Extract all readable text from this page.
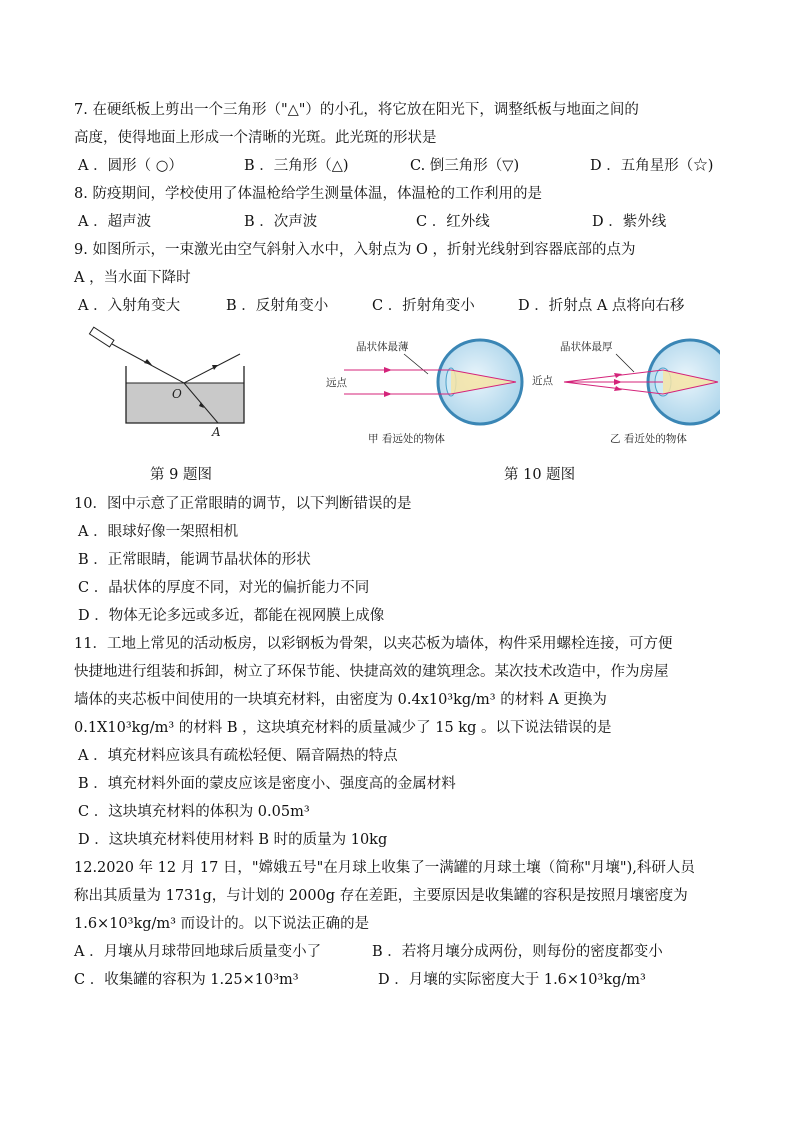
7. 在硬纸板上剪出一个三角形（"△"）的小孔，将它放在阳光下，调整纸板与地面之间的
高度，使得地面上形成一个清晰的光斑。此光斑的形状是
A ．圆形（ ○）	B ．三角形（△)	C. 倒三角形（▽)	D ．五角星形（☆)
8. 防疫期间，学校使用了体温枪给学生测量体温，体温枪的工作利用的是
A ．超声波	B ．次声波	C ．红外线	D ．紫外线
9. 如图所示，一束激光由空气斜射入水中，入射点为 O ，折射光线射到容器底部的点为
A ，当水面下降时
A ．入射角变大	B ．反射角变小	C ．折射角变小	D ．折射点 A 点将向右移
O
A
晶状体最薄
远点
甲 看远处的物体
晶状体最厚
近点
乙 看近处的物体
第 9 题图	第 10 题图
10．图中示意了正常眼睛的调节，以下判断错误的是
A ．眼球好像一架照相机
B ．正常眼睛，能调节晶状体的形状
C ．晶状体的厚度不同，对光的偏折能力不同
D ．物体无论多远或多近，都能在视网膜上成像
11．工地上常见的活动板房，以彩钢板为骨架，以夹芯板为墙体，构件采用螺栓连接，可方便
快捷地进行组装和拆卸，树立了环保节能、快捷高效的建筑理念。某次技术改造中，作为房屋
墙体的夹芯板中间使用的一块填充材料，由密度为 0.4x10³kg/m³ 的材料 A 更换为
0.1X10³kg/m³ 的材料 B ，这块填充材料的质量减少了 15 kg 。以下说法错误的是
A ．填充材料应该具有疏松轻便、隔音隔热的特点
B ．填充材料外面的蒙皮应该是密度小、强度高的金属材料
C ．这块填充材料的体积为 0.05m³
D ．这块填充材料使用材料 B 时的质量为 10kg
12.2020 年 12 月 17 日，"嫦娥五号"在月球上收集了一满罐的月球土壤（简称"月壤"),科研人员
称出其质量为 1731g，与计划的 2000g 存在差距，主要原因是收集罐的容积是按照月壤密度为
1.6×10³kg/m³ 而设计的。以下说法正确的是
A ．月壤从月球带回地球后质量变小了	B ．若将月壤分成两份，则每份的密度都变小
C ．收集罐的容积为 1.25×10³m³	D ．月壤的实际密度大于 1.6×10³kg/m³
